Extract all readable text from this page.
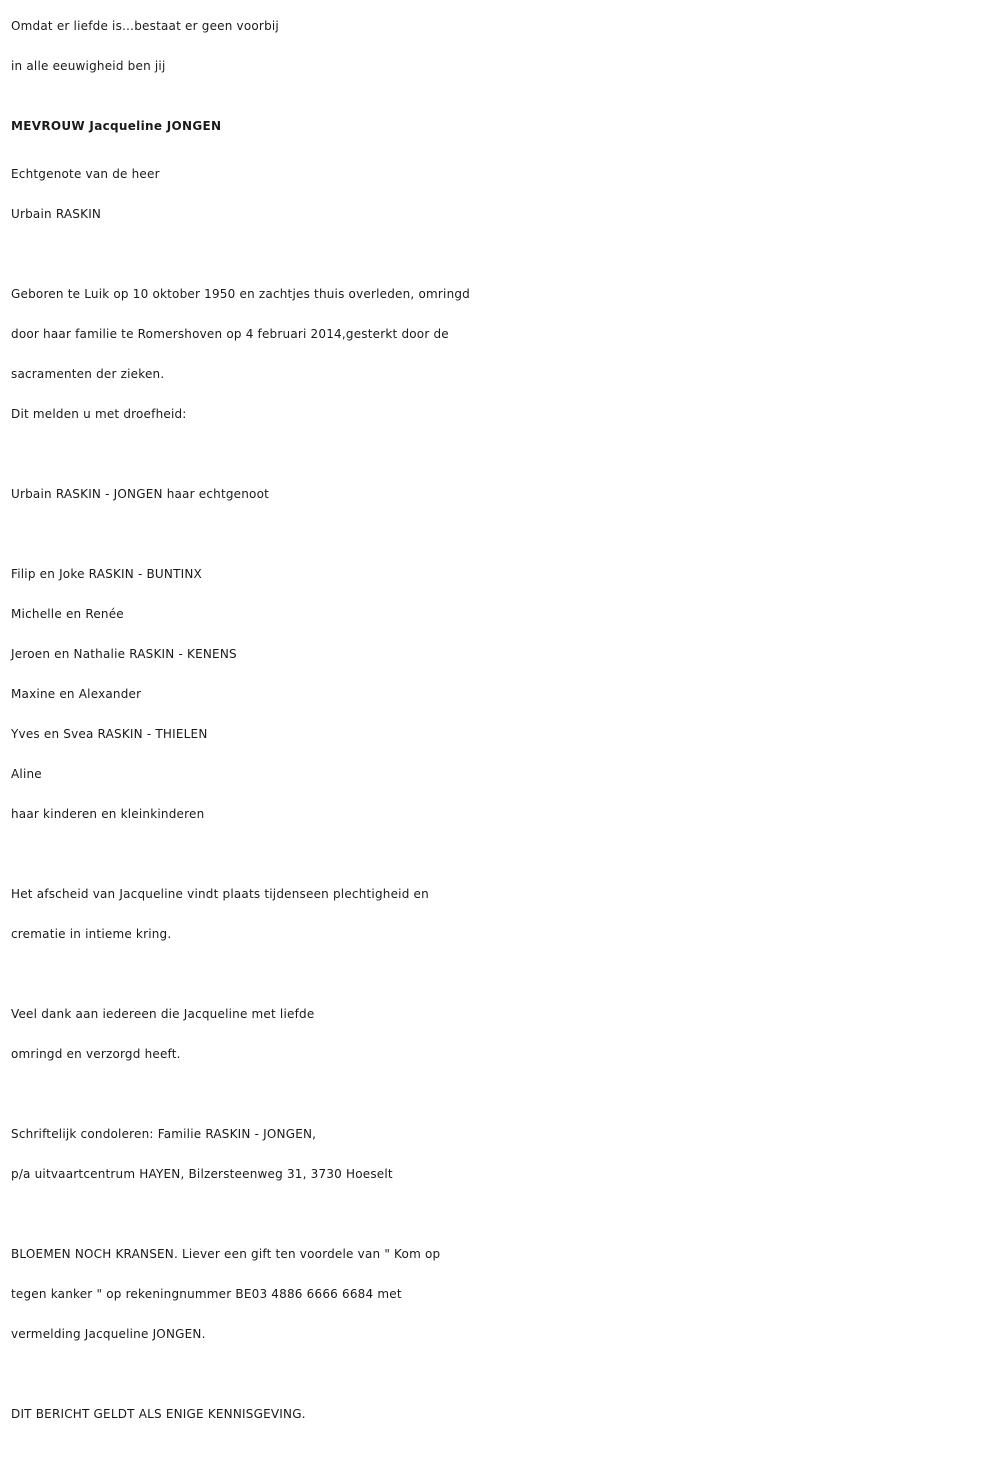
Omdat er liefde is…bestaat er geen voorbij
in alle eeuwigheid ben jij
MEVROUW Jacqueline JONGEN
Echtgenote van de heer
Urbain RASKIN
Geboren te Luik op 10 oktober 1950 en zachtjes thuis overleden, omringd
door haar familie te Romershoven op 4 februari 2014,gesterkt door de
sacramenten der zieken.
Dit melden u met droefheid:
Urbain RASKIN - JONGEN haar echtgenoot
Filip en Joke RASKIN - BUNTINX
Michelle en Renée
Jeroen en Nathalie RASKIN - KENENS
Maxine en Alexander
Yves en Svea RASKIN - THIELEN
Aline
haar kinderen en kleinkinderen
Het afscheid van Jacqueline vindt plaats tijdenseen plechtigheid en
crematie in intieme kring.
Veel dank aan iedereen die Jacqueline met liefde
omringd en verzorgd heeft.
Schriftelijk condoleren: Familie RASKIN - JONGEN,
p/a uitvaartcentrum HAYEN, Bilzersteenweg 31, 3730 Hoeselt
BLOEMEN NOCH KRANSEN. Liever een gift ten voordele van " Kom op
tegen kanker " op rekeningnummer BE03 4886 6666 6684 met
vermelding Jacqueline JONGEN.
DIT BERICHT GELDT ALS ENIGE KENNISGEVING.
